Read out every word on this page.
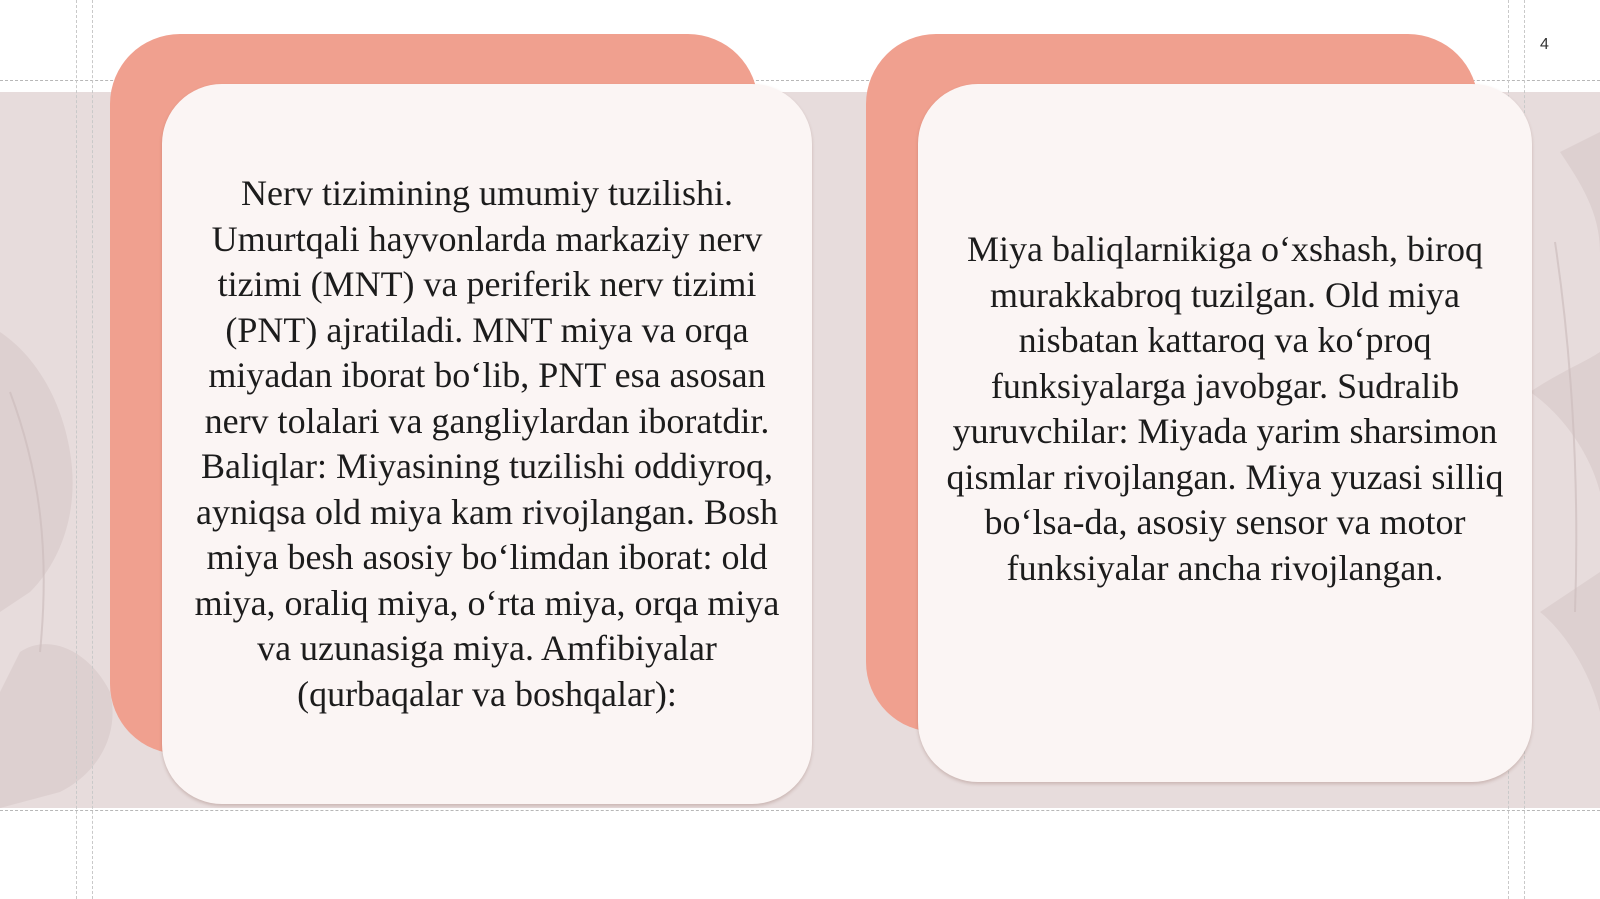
4

Nerv tizimining umumiy tuzilishi. Umurtqali hayvonlarda markaziy nerv tizimi (MNT) va periferik nerv tizimi (PNT) ajratiladi. MNT miya va orqa miyadan iborat bo‘lib, PNT esa asosan nerv tolalari va gangliylardan iboratdir. Baliqlar: Miyasining tuzilishi oddiyroq, ayniqsa old miya kam rivojlangan. Bosh miya besh asosiy bo‘limdan iborat: old miya, oraliq miya, o‘rta miya, orqa miya va uzunasiga miya. Amfibiyalar (qurbaqalar va boshqalar):

Miya baliqlarnikiga o‘xshash, biroq murakkabroq tuzilgan. Old miya nisbatan kattaroq va ko‘proq funksiyalarga javobgar. Sudralib yuruvchilar: Miyada yarim sharsimon qismlar rivojlangan. Miya yuzasi silliq bo‘lsa-da, asosiy sensor va motor funksiyalar ancha rivojlangan.
